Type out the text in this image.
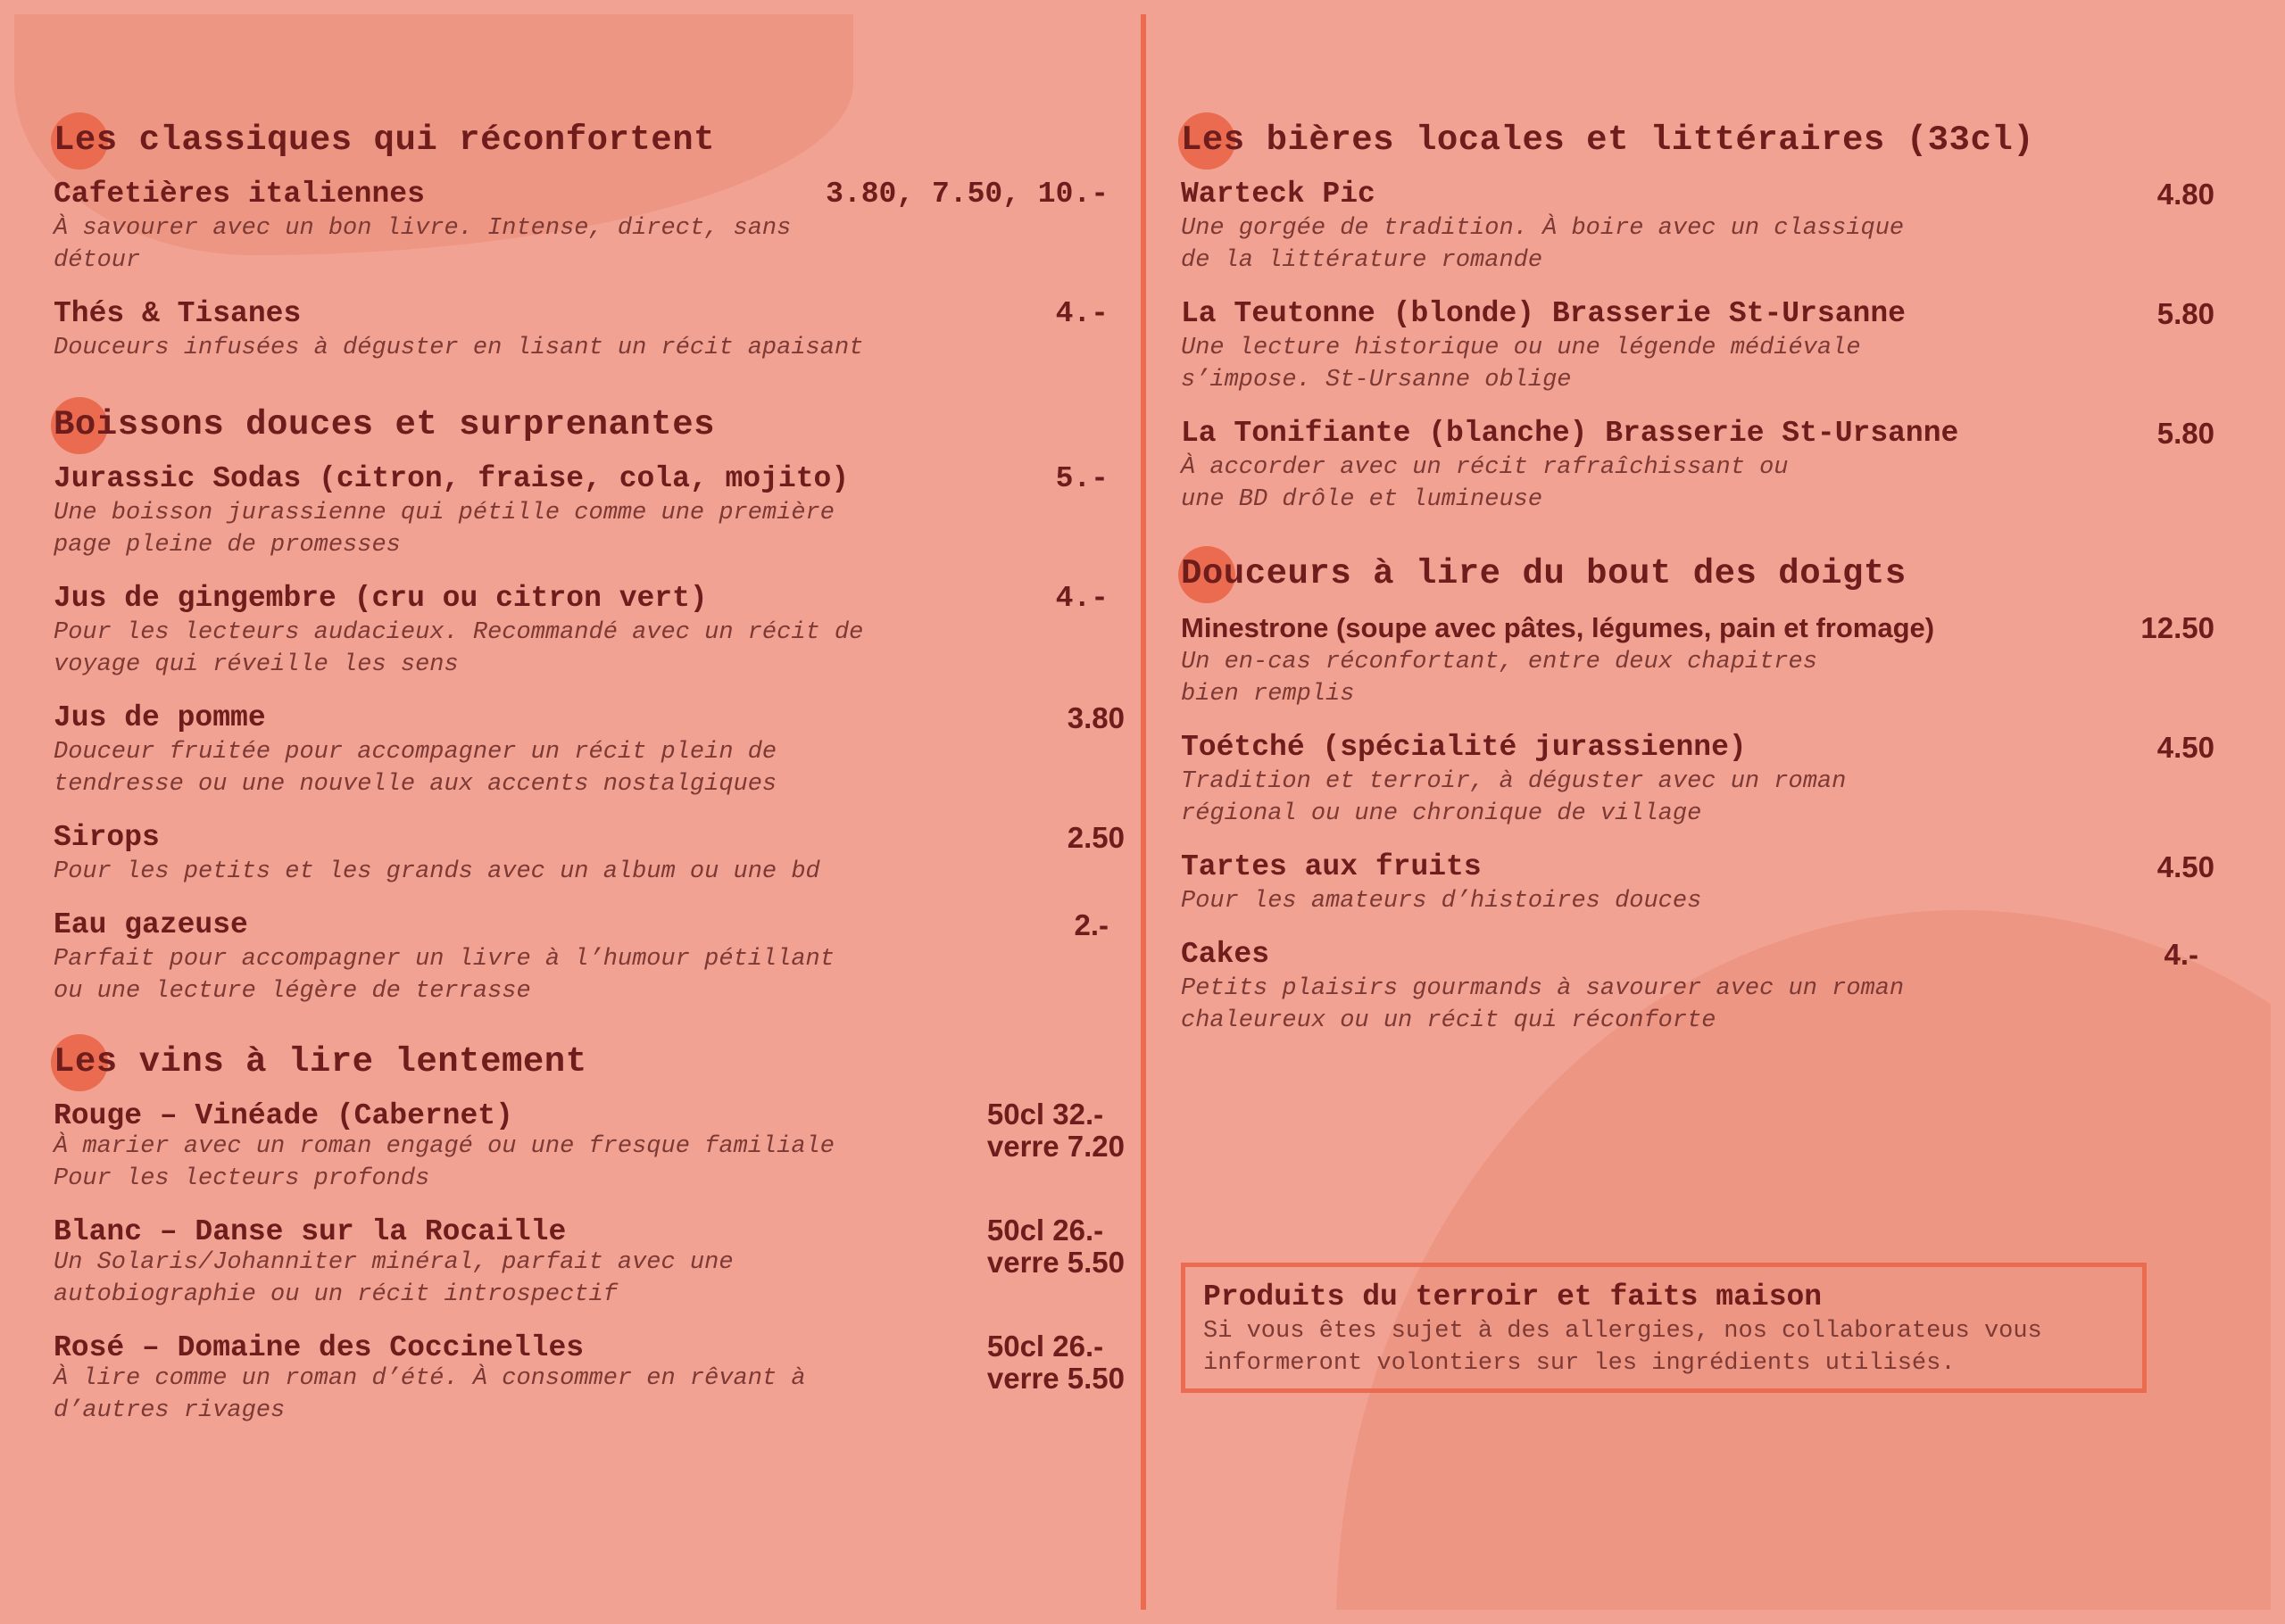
Les classiques qui réconfortent
Cafetières italiennes	3.80, 7.50, 10.-
À savourer avec un bon livre. Intense, direct, sans
détour
Thés & Tisanes	4.-
Douceurs infusées à déguster en lisant un récit apaisant
Boissons douces et surprenantes
Jurassic Sodas (citron, fraise, cola, mojito)	5.-
Une boisson jurassienne qui pétille comme une première
page pleine de promesses
Jus de gingembre (cru ou citron vert)	4.-
Pour les lecteurs audacieux. Recommandé avec un récit de
voyage qui réveille les sens
Jus de pomme	3.80
Douceur fruitée pour accompagner un récit plein de
tendresse ou une nouvelle aux accents nostalgiques
Sirops	2.50
Pour les petits et les grands avec un album ou une bd
Eau gazeuse	2.-
Parfait pour accompagner un livre à l’humour pétillant
ou une lecture légère de terrasse
Les vins à lire lentement
Rouge – Vinéade (Cabernet)	50cl 32.-
verre 7.20
À marier avec un roman engagé ou une fresque familiale
Pour les lecteurs profonds
Blanc – Danse sur la Rocaille	50cl 26.-
verre 5.50
Un Solaris/Johanniter minéral, parfait avec une
autobiographie ou un récit introspectif
Rosé – Domaine des Coccinelles	50cl 26.-
verre 5.50
À lire comme un roman d’été. À consommer en rêvant à
d’autres rivages
Les bières locales et littéraires (33cl)
Warteck Pic	4.80
Une gorgée de tradition. À boire avec un classique
de la littérature romande
La Teutonne (blonde) Brasserie St-Ursanne	5.80
Une lecture historique ou une légende médiévale
s’impose. St-Ursanne oblige
La Tonifiante (blanche) Brasserie St-Ursanne	5.80
À accorder avec un récit rafraîchissant ou
une BD drôle et lumineuse
Douceurs à lire du bout des doigts
Minestrone (soupe avec pâtes, légumes, pain et fromage)	12.50
Un en-cas réconfortant, entre deux chapitres
bien remplis
Toétché (spécialité jurassienne)	4.50
Tradition et terroir, à déguster avec un roman
régional ou une chronique de village
Tartes aux fruits	4.50
Pour les amateurs d’histoires douces
Cakes	4.-
Petits plaisirs gourmands à savourer avec un roman
chaleureux ou un récit qui réconforte
Produits du terroir et faits maison
Si vous êtes sujet à des allergies, nos collaborateus vous
informeront volontiers sur les ingrédients utilisés.
